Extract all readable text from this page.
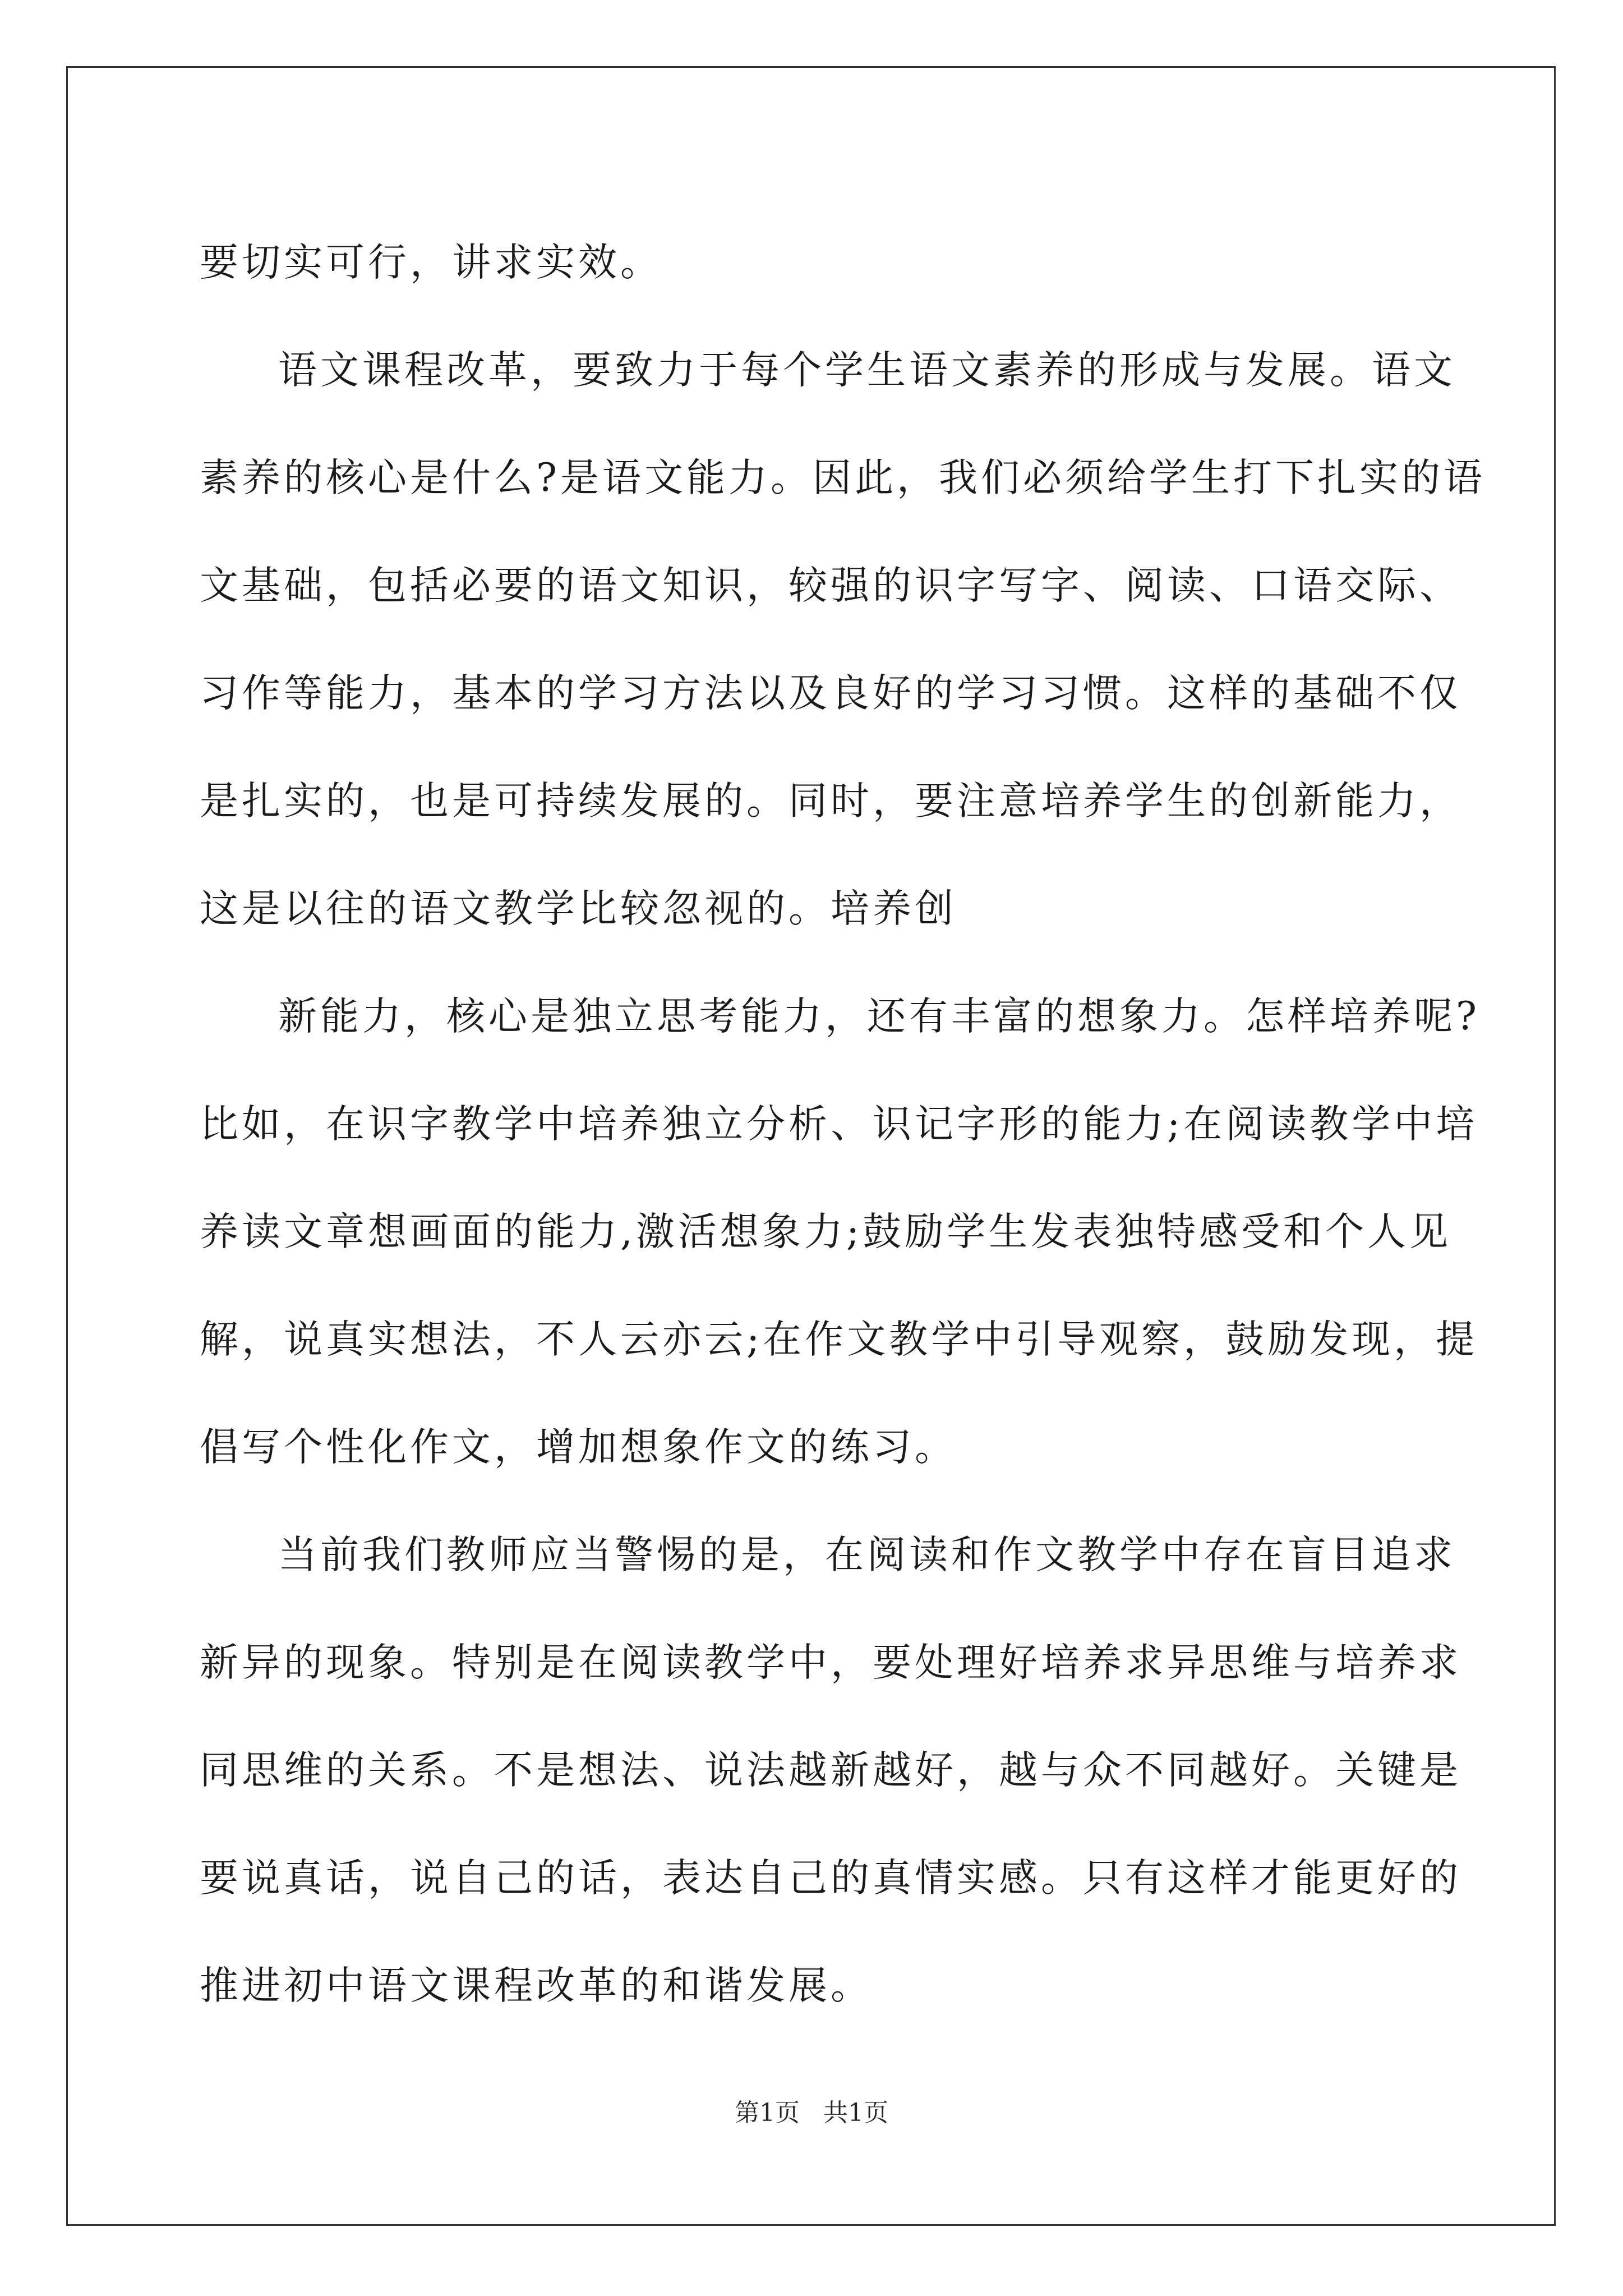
要切实可行，讲求实效。
语文课程改革，要致力于每个学生语文素养的形成与发展。语文
素养的核心是什么?是语文能力。因此，我们必须给学生打下扎实的语
文基础，包括必要的语文知识，较强的识字写字、阅读、口语交际、
习作等能力，基本的学习方法以及良好的学习习惯。这样的基础不仅
是扎实的，也是可持续发展的。同时，要注意培养学生的创新能力，
这是以往的语文教学比较忽视的。培养创
新能力，核心是独立思考能力，还有丰富的想象力。怎样培养呢?
比如，在识字教学中培养独立分析、识记字形的能力;在阅读教学中培
养读文章想画面的能力,激活想象力;鼓励学生发表独特感受和个人见
解，说真实想法，不人云亦云;在作文教学中引导观察，鼓励发现，提
倡写个性化作文，增加想象作文的练习。
当前我们教师应当警惕的是，在阅读和作文教学中存在盲目追求
新异的现象。特别是在阅读教学中，要处理好培养求异思维与培养求
同思维的关系。不是想法、说法越新越好，越与众不同越好。关键是
要说真话，说自己的话，表达自己的真情实感。只有这样才能更好的
推进初中语文课程改革的和谐发展。
第1页 共1页
